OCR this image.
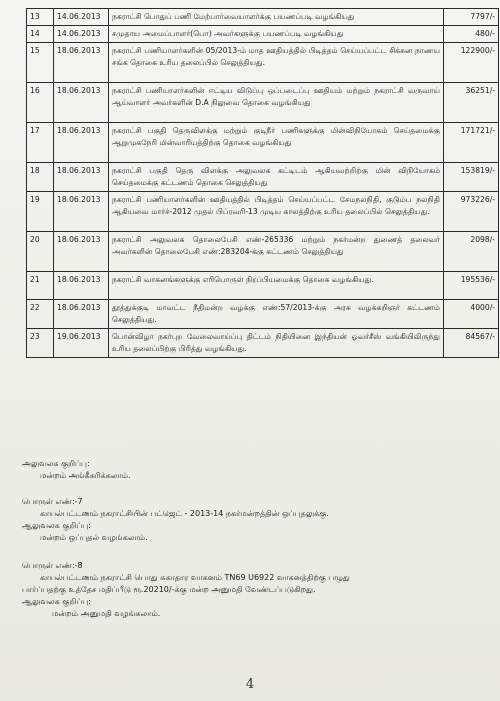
13	14.06.2013	நகராட்சி பொதுப் பணி மேற்பார்வையாளர்க்கு பயணப்படி வழங்கியது	7797/-
14	14.06.2013	சமுதாய அமைப்பாளர்(பொ) அவர்களுக்கு பயணப்படி வழங்கியது	480/-
15	18.06.2013	நகராட்சி பணியாளர்களின் 05/2013-ம் மாத ஊதியத்தில் பிடித்தம் செய்யப்பட்ட சிக்கன நாணய சங்க தொகை உரிய தலைப்பில் செலுத்தியது.	122900/-
16	18.06.2013	நகராட்சி பணியாளர்களின் ஈட்டிய விடுப்பு ஒப்படைப்பு ஊதியம் மற்றும் நகராட்சி வருவாய் ஆய்வாளர் அவர்களின் D.A நிலுவை தொகை வழங்கியது	36251/-
17	18.06.2013	நகராட்சி பகுதி தெருவிளக்கு மற்றும் குடிநீர் பணிகளுக்கு மின்விநியோகம் செய்தமைக்கு ஆறுமுகநேரி மின்வாரியத்திற்கு தொகை வழங்கியது	171721/-
18	18.06.2013	நகராட்சி பகுதி தெரு விளக்கு அலுவலக கட்டிடம் ஆகியவற்றிற்கு மின் விநியோகம் செய்தமைக்கு கட்டணம் தொகை செலுத்தியது	153819/-
19	18.06.2013	நகராட்சி பணியாளர்களின் ஊதியத்தில் பிடித்தம் செய்யப்பட்ட சேமநலநிதி, குடும்ப நலநிதி ஆகியவை மார்ச்-2012 முதல் பிப்ரவரி-13 முடிய காலத்திற்கு உரிய தலைப்பில் செலுத்தியது.	973226/-
20	18.06.2013	நகராட்சி அலுவலக தொலைபேசி எண்-265336 மற்றும் நகர்மன்ற துணைத் தலைவர் அவர்களின் தொலைபேசி எண்:283204-க்கு கட்டணம் செலுத்தியது	2098/-
21	18.06.2013	நகராட்சி வாகனங்களுக்கு எரிபொருள் நிரப்பியமைக்கு தொகை வழங்கியது.	195536/-
22	18.06.2013	தூத்துக்குடி மாவட்ட நீதிமன்ற வழக்கு எண்:57/2013-க்கு அரசு வழக்கறிஞர் கட்டணம் செலுத்தியது.	4000/-
23	19.06.2013	பொன்விழா நகர்புற வேலைவாய்ப்பு திட்டம் நிதியினை இந்தியன் ஓவர்சீஸ் வங்கியிலிருந்து உரிய தலைப்பிற்கு பிரித்து வழங்கியது.	84567/-
அலுவலக குறிப்பு:
மன்றம் அங்கீகரிக்கலாம்.
பொருள் எண்:-7
காயல்பட்டணம் நகராட்சியின் பட்ஜெட் - 2013-14 நகர்மன்றத்தின் ஒப்புதலுக்கு.
ஆலுவலக குறிப்பு:
மன்றம் ஒப்புதல் வழங்கலாம்.
பொருள் எண்:-8
காயல்பட்டணம் நகராட்சி பொது சுகாதார வாகனம் TN69 U6922 வாகனத்திற்கு பழுது
பார்ப்பதற்கு உத்தேச மதிப்பீடு ரூ.20210/-க்கு மன்ற அனுமதி வேண்டப்படுகிறது.
ஆலுவலக குறிப்பு:
மன்றம் அனுமதி வழங்கலாம்.
4
